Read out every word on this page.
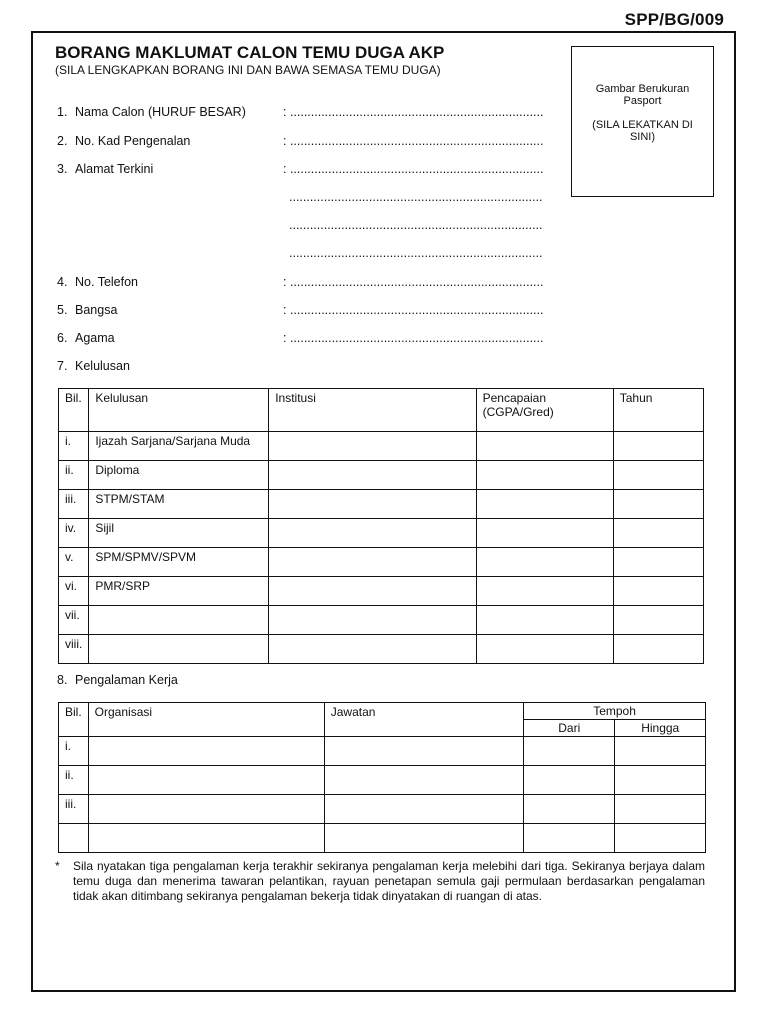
SPP/BG/009
BORANG MAKLUMAT CALON TEMU DUGA AKP
(SILA LENGKAPKAN BORANG INI DAN BAWA SEMASA TEMU DUGA)
Gambar Berukuran Pasport
(SILA LEKATKAN DI SINI)
1. Nama Calon (HURUF BESAR)	: .........................................................................
2. No. Kad Pengenalan	: .........................................................................
3. Alamat Terkini	: .........................................................................
.........................................................................
.........................................................................
.........................................................................
4. No. Telefon	: .........................................................................
5. Bangsa	: .........................................................................
6. Agama	: .........................................................................
7. Kelulusan
Bil.	Kelulusan	Institusi	Pencapaian (CGPA/Gred)	Tahun
i.	Ijazah Sarjana/Sarjana Muda			
ii.	Diploma			
iii.	STPM/STAM			
iv.	Sijil			
v.	SPM/SPMV/SPVM			
vi.	PMR/SRP			
vii.				
viii.				
8. Pengalaman Kerja
Bil.	Organisasi	Jawatan	Tempoh	
			Dari	Hingga
i.				
ii.				
iii.				

* Sila nyatakan tiga pengalaman kerja terakhir sekiranya pengalaman kerja melebihi dari tiga. Sekiranya berjaya dalam temu duga dan menerima tawaran pelantikan, rayuan penetapan semula gaji permulaan berdasarkan pengalaman tidak akan ditimbang sekiranya pengalaman bekerja tidak dinyatakan di ruangan di atas.
